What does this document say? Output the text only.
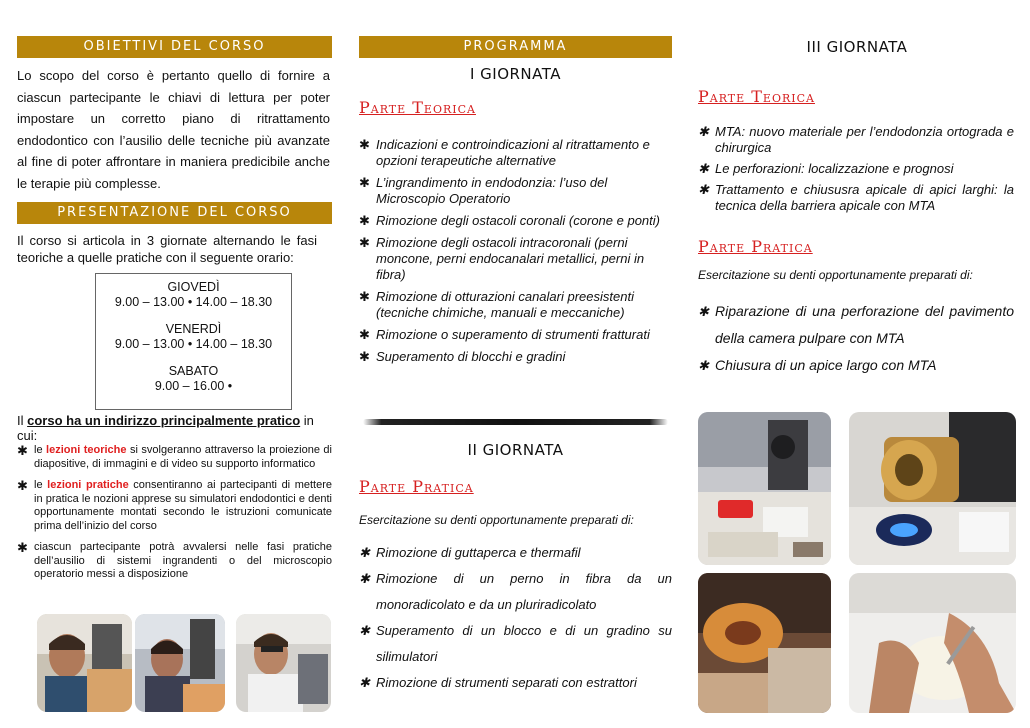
OBIETTIVI DEL CORSO

Lo scopo del corso è pertanto quello di fornire a ciascun partecipante le chiavi di lettura per poter impostare un corretto piano di ritrattamento endodontico con l’ausilio delle tecniche più avanzate al fine di poter affrontare in maniera predicibile anche le terapie più complesse.

PRESENTAZIONE DEL CORSO

Il corso si articola in 3 giornate alternando le fasi teoriche a quelle pratiche con il seguente orario:

GIOVEDÌ
9.00 – 13.00 • 14.00 – 18.30
VENERDÌ
9.00 – 13.00 • 14.00 – 18.30
SABATO
9.00 – 16.00 •
Il corso ha un indirizzo principalmente pratico in cui:
✱ le lezioni teoriche si svolgeranno attraverso la proiezione di diapositive, di immagini e di video su supporto informatico
✱ le lezioni pratiche consentiranno ai partecipanti di mettere in pratica le nozioni apprese su simulatori endodontici e denti opportunamente montati secondo le istruzioni comunicate prima dell’inizio del corso
✱ ciascun partecipante potrà avvalersi nelle fasi pratiche dell’ausilio di sistemi ingrandenti o del microscopio operatorio messi a disposizione
PROGRAMMA
I GIORNATA
Parte Teorica
✱ Indicazioni e controindicazioni al ritrattamento e opzioni terapeutiche alternative
✱ L’ingrandimento in endodonzia: l’uso del Microscopio Operatorio
✱ Rimozione degli ostacoli coronali (corone e ponti)
✱ Rimozione degli ostacoli intracoronali (perni moncone, perni endocanalari metallici, perni in fibra)
✱ Rimozione di otturazioni canalari preesistenti (tecniche chimiche, manuali e meccaniche)
✱ Rimozione o superamento di strumenti fratturati
✱ Superamento di blocchi e gradini
II GIORNATA
Parte Pratica
Esercitazione su denti opportunamente preparati di:
✱ Rimozione di guttaperca e thermafil
✱ Rimozione di un perno in fibra da un monoradicolato e da un pluriradicolato
✱ Superamento di un blocco e di un gradino su silimulatori
✱ Rimozione di strumenti separati con estrattori
III GIORNATA
Parte Teorica
✱ MTA: nuovo materiale per l’endodonzia ortograda e chirurgica
✱ Le perforazioni: localizzazione e prognosi
✱ Trattamento e chiususra apicale di apici larghi: la tecnica della barriera apicale con MTA
Parte Pratica
Esercitazione su denti opportunamente preparati di:
✱ Riparazione di una perforazione del pavimento della camera pulpare con MTA
✱ Chiusura di un apice largo con MTA
